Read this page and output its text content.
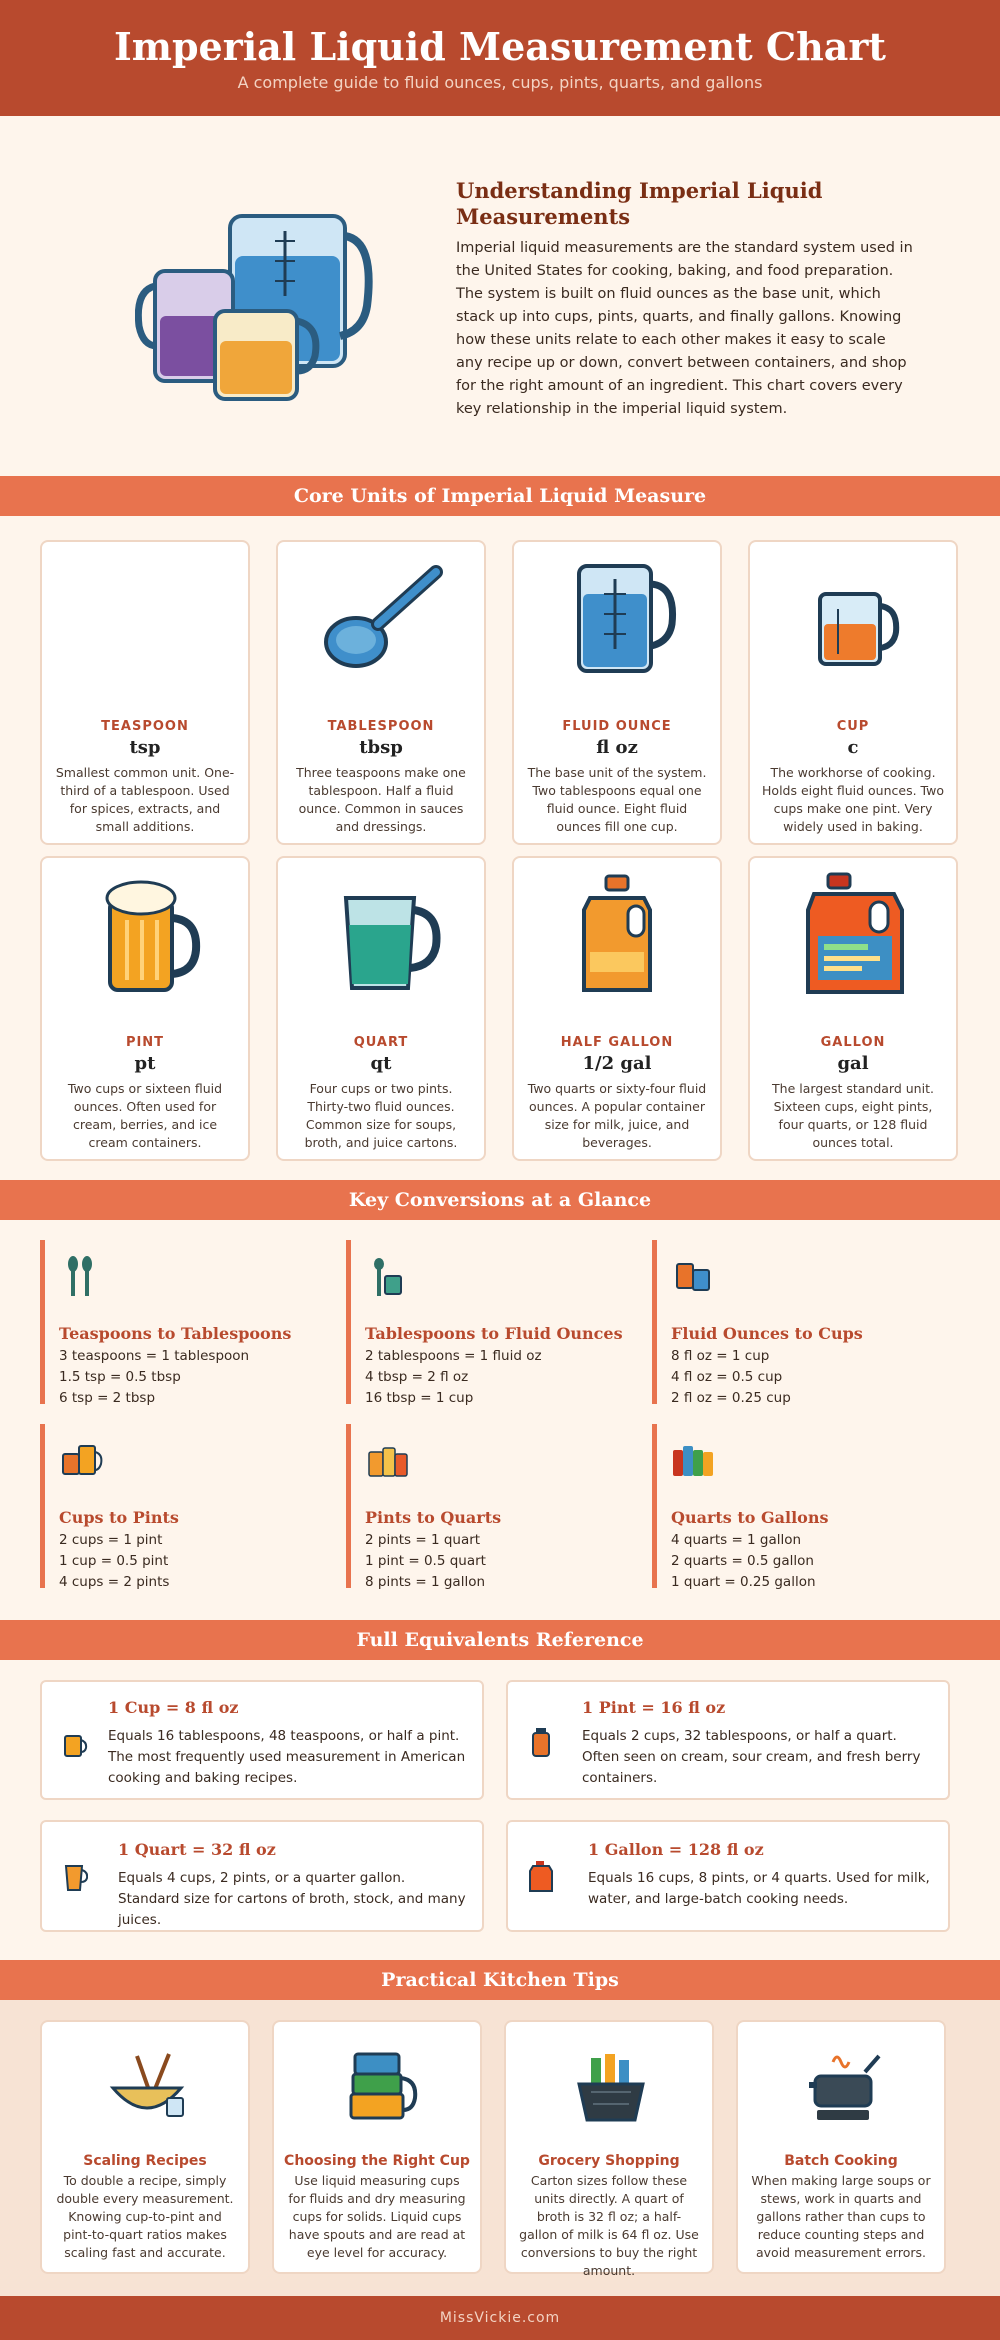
Imperial Liquid Measurement Chart

A complete guide to fluid ounces, cups, pints, quarts, and gallons

Understanding Imperial Liquid Measurements
Imperial liquid measurements are the standard system used in the United States for cooking, baking, and food preparation. The system is built on fluid ounces as the base unit, which stack up into cups, pints, quarts, and finally gallons. Knowing how these units relate to each other makes it easy to scale any recipe up or down, convert between containers, and shop for the right amount of an ingredient. This chart covers every key relationship in the imperial liquid system.
Core Units of Imperial Liquid Measure
TEASPOON
tsp
Smallest common unit. One-third of a tablespoon. Used for spices, extracts, and small additions.
TABLESPOON
tbsp
Three teaspoons make one tablespoon. Half a fluid ounce. Common in sauces and dressings.
FLUID OUNCE
fl oz
The base unit of the system. Two tablespoons equal one fluid ounce. Eight fluid ounces fill one cup.
CUP
c
The workhorse of cooking. Holds eight fluid ounces. Two cups make one pint. Very widely used in baking.
PINT
pt
Two cups or sixteen fluid ounces. Often used for cream, berries, and ice cream containers.
QUART
qt
Four cups or two pints. Thirty-two fluid ounces. Common size for soups, broth, and juice cartons.
HALF GALLON
1/2 gal
Two quarts or sixty-four fluid ounces. A popular container size for milk, juice, and beverages.
GALLON
gal
The largest standard unit. Sixteen cups, eight pints, four quarts, or 128 fluid ounces total.
Key Conversions at a Glance
Teaspoons to Tablespoons
3 teaspoons = 1 tablespoon
1.5 tsp = 0.5 tbsp
6 tsp = 2 tbsp
Tablespoons to Fluid Ounces
2 tablespoons = 1 fluid oz
4 tbsp = 2 fl oz
16 tbsp = 1 cup
Fluid Ounces to Cups
8 fl oz = 1 cup
4 fl oz = 0.5 cup
2 fl oz = 0.25 cup
Cups to Pints
2 cups = 1 pint
1 cup = 0.5 pint
4 cups = 2 pints
Pints to Quarts
2 pints = 1 quart
1 pint = 0.5 quart
8 pints = 1 gallon
Quarts to Gallons
4 quarts = 1 gallon
2 quarts = 0.5 gallon
1 quart = 0.25 gallon
Full Equivalents Reference
1 Cup = 8 fl oz
Equals 16 tablespoons, 48 teaspoons, or half a pint. The most frequently used measurement in American cooking and baking recipes.
1 Pint = 16 fl oz
Equals 2 cups, 32 tablespoons, or half a quart. Often seen on cream, sour cream, and fresh berry containers.
1 Quart = 32 fl oz
Equals 4 cups, 2 pints, or a quarter gallon. Standard size for cartons of broth, stock, and many juices.
1 Gallon = 128 fl oz
Equals 16 cups, 8 pints, or 4 quarts. Used for milk, water, and large-batch cooking needs.
Practical Kitchen Tips
Scaling Recipes
To double a recipe, simply double every measurement. Knowing cup-to-pint and pint-to-quart ratios makes scaling fast and accurate.
Choosing the Right Cup
Use liquid measuring cups for fluids and dry measuring cups for solids. Liquid cups have spouts and are read at eye level for accuracy.
Grocery Shopping
Carton sizes follow these units directly. A quart of broth is 32 fl oz; a half-gallon of milk is 64 fl oz. Use conversions to buy the right amount.
Batch Cooking
When making large soups or stews, work in quarts and gallons rather than cups to reduce counting steps and avoid measurement errors.
MissVickie.com
